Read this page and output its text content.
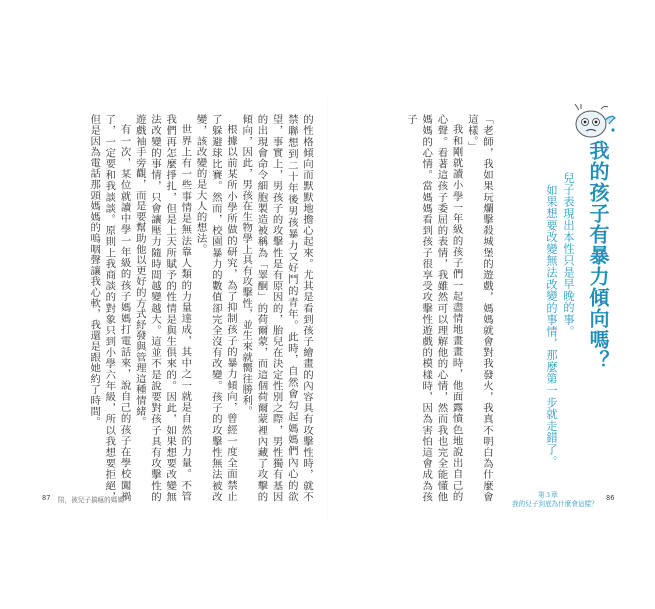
我的孩子有暴力傾向嗎？
兒子表現出本性只是早晚的事。
如果想要改變無法改變的事情，那麼第一步就走錯了。

「老師，我如果玩爛擊殺城堡的遊戲，媽媽就會對我發火，我真不明白為什麼會這樣。」

我和剛就讀小學一年級的孩子們一起盡情地畫畫時，他面露憤色地說出自己的心聲。看著這孩子委屈的表情，我雖然可以理解他的心情，然而我也完全能懂他媽媽的心情。當媽媽看到孩子很享受攻擊性遊戲的模樣時，因為害怕這會成為孩子

的性格傾向而默默地擔心起來。尤其是看到孩子繪畫的內容具有攻擊性時，就不禁聯想到二十年後男孩暴力又好鬥的青年。此時，自然會勾起媽媽們內心的欲望，事實上，男孩子的攻擊性是有原因的，胎兒在決定性別之際，男性獨有基因的出現會命令細胞製造被稱為「睪酮」的荷爾蒙，而這個荷爾蒙裡內藏了攻擊的傾向，因此，男孩在生物學上具有攻擊性，並生來就嚮往勝利。

根據以前某所小學所做的研究，為了抑制孩子的暴力傾向，曾經一度全面禁止了躲避球比賽。然而，校園暴力的數值卻完全沒有改變。孩子的攻擊性無法被改變，該改變的是大人的想法。

世界上有一些事情是無法靠人類的力量達成，其中之一就是自然的力量。不管我們再怎麼掙扎，但是上天所賦予的性情是與生俱來的。因此，如果想要改變無法改變的事情，只會讓壓力隨時間越變越大。這並不是說要對孩子具有攻擊性的遊戲袖手旁觀，而是要幫助他以更好的方式紓發與管理這種情緒。

有一次，某位就讀中學一年級的孩子媽媽打電話來，說自己的孩子在學校闖禍了，一定要和我談談。原則上我商談的對象只到小學六年級，所以我想要拒絕，但是因為電話那頭媽媽的嗚咽聲讓我心軟，我還是跟她約了時間。

87 陪，被兒子搞瘋的媽媽
第３章
我的兒子到底為什麼會這樣？
86
